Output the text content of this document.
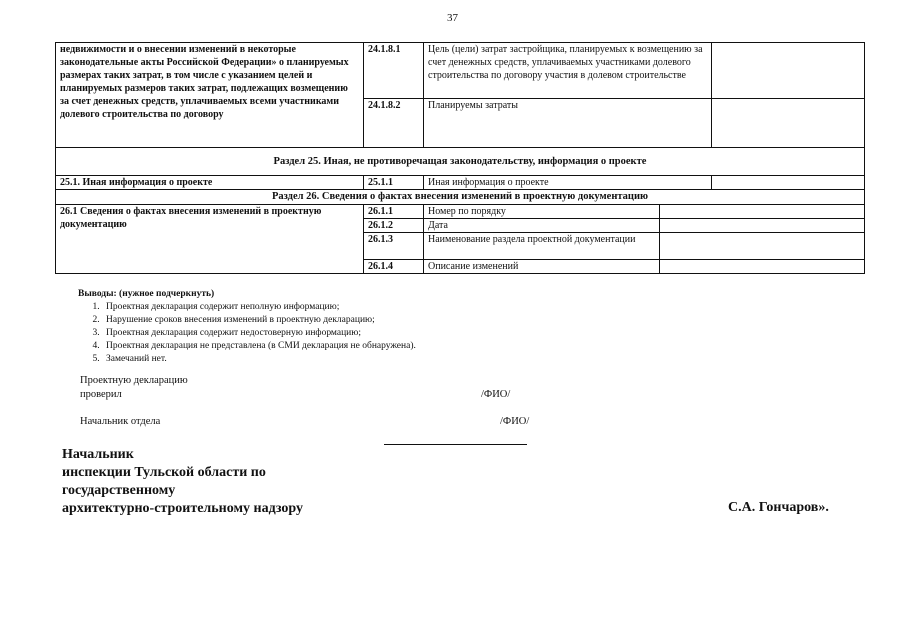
37
недвижимости и о внесении изменений в некоторые законодательные акты Российской Федерации» о планируемых размерах таких затрат, в том числе с указанием целей и планируемых размеров таких затрат, подлежащих возмещению за счет денежных средств, уплачиваемых всеми участниками долевого строительства по договору	24.1.8.1	Цель (цели) затрат застройщика, планируемых к возмещению за счет денежных средств, уплачиваемых участниками долевого строительства по договору участия в долевом строительстве		
	24.1.8.2	Планируемы затраты		
Раздел 25. Иная, не противоречащая законодательству, информация о проекте				
25.1. Иная информация о проекте	25.1.1	Иная информация о проекте		
Раздел 26. Сведения о фактах внесения изменений в проектную документацию				
26.1 Сведения о фактах внесения изменений в проектную документацию	26.1.1	Номер по порядку		
	26.1.2	Дата		
	26.1.3	Наименование раздела проектной документации		
	26.1.4	Описание изменений		
Выводы: (нужное подчеркнуть)
1. Проектная декларация содержит неполную информацию;
2. Нарушение сроков внесения изменений в проектную декларацию;
3. Проектная декларация содержит недостоверную информацию;
4. Проектная декларация не представлена (в СМИ декларация не обнаружена).
5. Замечаний нет.
Проектную декларацию
проверил	/ФИО/
Начальник отдела	/ФИО/
Начальник
инспекции Тульской области по
государственному
архитектурно-строительному надзору	С.А. Гончаров».
